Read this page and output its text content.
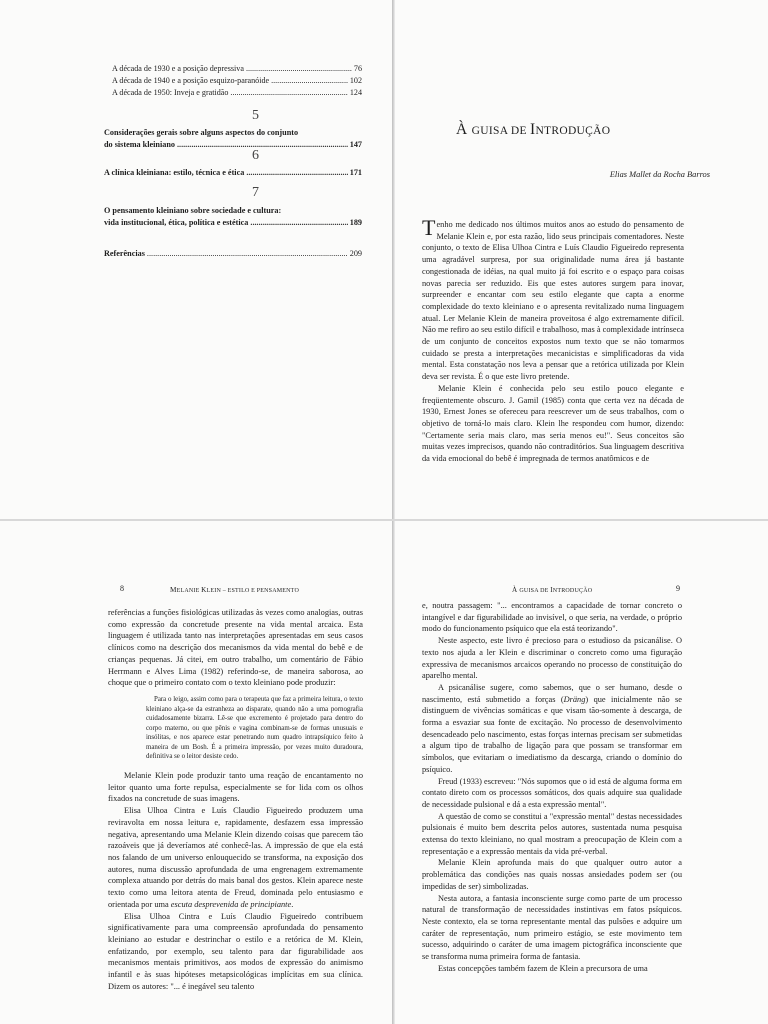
A década de 1930 e a posição depressiva .....	76
A década de 1940 e a posição esquizo-paranóide .....	102
A década de 1950: Inveja e gratidão .....	124
5
Considerações gerais sobre alguns aspectos do conjunto
do sistema kleiniano .....	147
6
A clínica kleiniana: estilo, técnica e ética .....	171
7
O pensamento kleiniano sobre sociedade e cultura:
vida institucional, ética, política e estética .....	189
Referências .....	209
À GUISA DE INTRODUÇÃO
Elias Mallet da Rocha Barros

Tenho me dedicado nos últimos muitos anos ao estudo do pensamento de Melanie Klein e, por esta razão, lido seus principais comentadores. Neste conjunto, o texto de Elisa Ulhoa Cintra e Luís Claudio Figueiredo representa uma agradável surpresa, por sua originalidade numa área já bastante congestionada de idéias, na qual muito já foi escrito e o espaço para coisas novas parecia ser reduzido. Eis que estes autores surgem para inovar, surpreender e encantar com seu estilo elegante que capta a enorme complexidade do texto kleiniano e o apresenta revitalizado numa linguagem atual. Ler Melanie Klein de maneira proveitosa é algo extremamente difícil. Não me refiro ao seu estilo difícil e trabalhoso, mas à complexidade intrínseca de um conjunto de conceitos expostos num texto que se não tomarmos cuidado se presta a interpretações mecanicistas e simplificadoras da vida mental. Esta constatação nos leva a pensar que a retórica utilizada por Klein deva ser revista. É o que este livro pretende.

Melanie Klein é conhecida pelo seu estilo pouco elegante e freqüentemente obscuro. J. Gamil (1985) conta que certa vez na década de 1930, Ernest Jones se ofereceu para reescrever um de seus trabalhos, com o objetivo de torná-lo mais claro. Klein lhe respondeu com humor, dizendo: "Certamente seria mais claro, mas seria menos eu!". Seus conceitos são muitas vezes imprecisos, quando não contraditórios. Sua linguagem descritiva da vida emocional do bebê é impregnada de termos anatômicos e de

8	MELANIE KLEIN – ESTILO E PENSAMENTO

referências a funções fisiológicas utilizadas às vezes como analogias, outras como expressão da concretude presente na vida mental arcaica. Esta linguagem é utilizada tanto nas interpretações apresentadas em seus casos clínicos como na descrição dos mecanismos da vida mental do bebê e de crianças pequenas. Já citei, em outro trabalho, um comentário de Fábio Herrmann e Alves Lima (1982) referindo-se, de maneira saborosa, ao choque que o primeiro contato com o texto kleiniano pode produzir:

Para o leigo, assim como para o terapeuta que faz a primeira leitura, o texto kleiniano alça-se da estranheza ao disparate, quando não a uma pornografia cuidadosamente bizarra. Lê-se que excremento é projetado para dentro do corpo materno, ou que pênis e vagina combinam-se de formas unusuais e insólitas, e nos aparece estar penetrando num quadro intrapsíquico feito à maneira de um Bosh. É a primeira impressão, por vezes muito duradoura, definitiva se o leitor desiste cedo.

Melanie Klein pode produzir tanto uma reação de encantamento no leitor quanto uma forte repulsa, especialmente se for lida com os olhos fixados na concretude de suas imagens.

Elisa Ulhoa Cintra e Luís Claudio Figueiredo produzem uma reviravolta em nossa leitura e, rapidamente, desfazem essa impressão negativa, apresentando uma Melanie Klein dizendo coisas que parecem tão razoáveis que já deveríamos até conhecê-las. A impressão de que ela está nos falando de um universo enlouquecido se transforma, na exposição dos autores, numa discussão aprofundada de uma engrenagem extremamente complexa atuando por detrás do mais banal dos gestos. Klein aparece neste texto como uma leitora atenta de Freud, dominada pelo entusiasmo e orientada por uma escuta desprevenida de principiante.

Elisa Ulhoa Cintra e Luís Claudio Figueiredo contribuem significativamente para uma compreensão aprofundada do pensamento kleiniano ao estudar e destrinchar o estilo e a retórica de M. Klein, enfatizando, por exemplo, seu talento para dar figurabilidade aos mecanismos mentais primitivos, aos modos de expressão do animismo infantil e às suas hipóteses metapsicológicas implícitas em sua clínica. Dizem os autores: "... é inegável seu talento

À GUISA DE INTRODUÇÃO	9

e, noutra passagem: "... encontramos a capacidade de tornar concreto o intangível e dar figurabilidade ao invisível, o que seria, na verdade, o próprio modo do funcionamento psíquico que ela está teorizando".

Neste aspecto, este livro é precioso para o estudioso da psicanálise. O texto nos ajuda a ler Klein e discriminar o concreto como uma figuração expressiva de mecanismos arcaicos operando no processo de constituição do aparelho mental.

A psicanálise sugere, como sabemos, que o ser humano, desde o nascimento, está submetido a forças (Dräng) que inicialmente não se distinguem de vivências somáticas e que visam tão-somente à descarga, de forma a esvaziar sua fonte de excitação. No processo de desenvolvimento desencadeado pelo nascimento, estas forças internas precisam ser submetidas a algum tipo de trabalho de ligação para que possam se transformar em símbolos, que evitariam o imediatismo da descarga, criando o domínio do psíquico.

Freud (1933) escreveu: "Nós supomos que o id está de alguma forma em contato direto com os processos somáticos, dos quais adquire sua qualidade de necessidade pulsional e dá a esta expressão mental".

A questão de como se constitui a "expressão mental" destas necessidades pulsionais é muito bem descrita pelos autores, sustentada numa pesquisa extensa do texto kleiniano, no qual mostram a preocupação de Klein com a representação e a expressão mentais da vida pré-verbal.

Melanie Klein aprofunda mais do que qualquer outro autor a problemática das condições nas quais nossas ansiedades podem ser (ou impedidas de ser) simbolizadas.

Nesta autora, a fantasia inconsciente surge como parte de um processo natural de transformação de necessidades instintivas em fatos psíquicos. Neste contexto, ela se torna representante mental das pulsões e adquire um caráter de representação, num primeiro estágio, se este movimento tem sucesso, adquirindo o caráter de uma imagem pictográfica inconsciente que se transforma numa primeira forma de fantasia.

Estas concepções também fazem de Klein a precursora de uma
